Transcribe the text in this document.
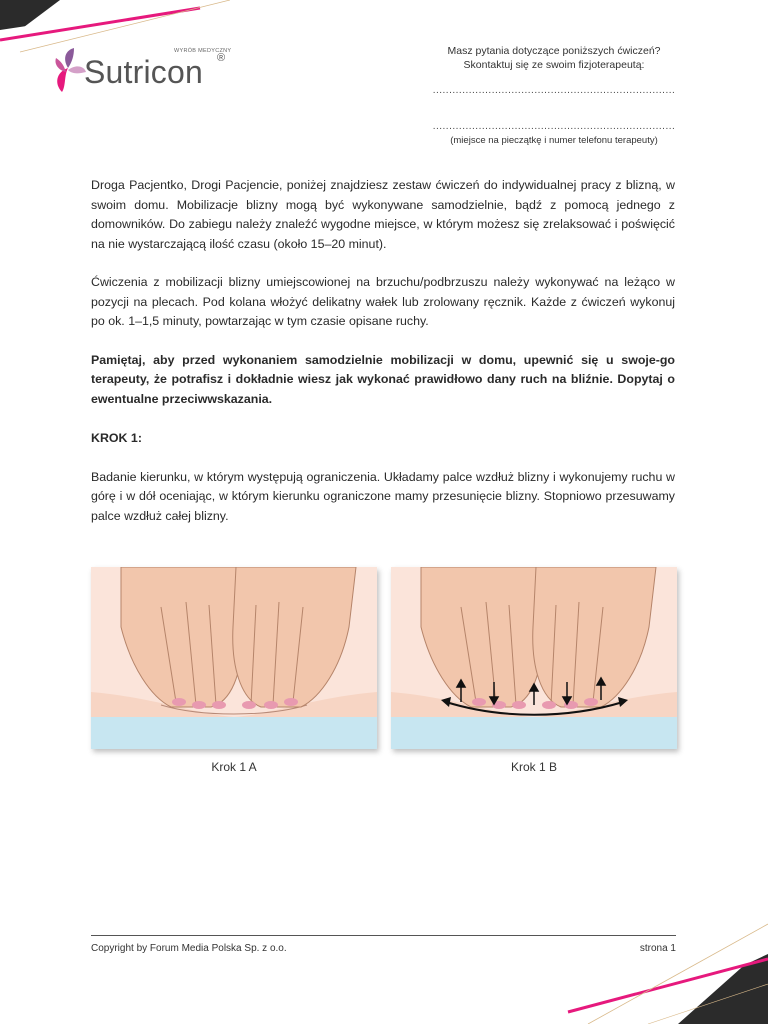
WYRÓB MEDYCZNY
Sutricon ®
Masz pytania dotyczące poniższych ćwiczeń?
Skontaktuj się ze swoim fizjoterapeutą:
..........................................................................
..........................................................................
(miejsce na pieczątkę i numer telefonu terapeuty)

Droga Pacjentko, Drogi Pacjencie, poniżej znajdziesz zestaw ćwiczeń do indywidualnej pracy z blizną, w swoim domu. Mobilizacje blizny mogą być wykonywane samodzielnie, bądź z pomocą jednego z domowników. Do zabiegu należy znaleźć wygodne miejsce, w którym możesz się zrelaksować i poświęcić na nie wystarczającą ilość czasu (około 15–20 minut).

Ćwiczenia z mobilizacji blizny umiejscowionej na brzuchu/podbrzuszu należy wykonywać na leżąco w pozycji na plecach. Pod kolana włożyć delikatny wałek lub zrolowany ręcznik. Każde z ćwiczeń wykonuj po ok. 1–1,5 minuty, powtarzając w tym czasie opisane ruchy.

Pamiętaj, aby przed wykonaniem samodzielnie mobilizacji w domu, upewnić się u swoje-go terapeuty, że potrafisz i dokładnie wiesz jak wykonać prawidłowo dany ruch na bliźnie. Dopytaj o ewentualne przeciwwskazania.

KROK 1:

Badanie kierunku, w którym występują ograniczenia. Układamy palce wzdłuż blizny i wykonujemy ruchu w górę i w dół oceniając, w którym kierunku ograniczone mamy przesunięcie blizny. Stopniowo przesuwamy palce wzdłuż całej blizny.

Krok 1 A	Krok 1 B
Copyright by Forum Media Polska Sp. z o.o.	strona 1
